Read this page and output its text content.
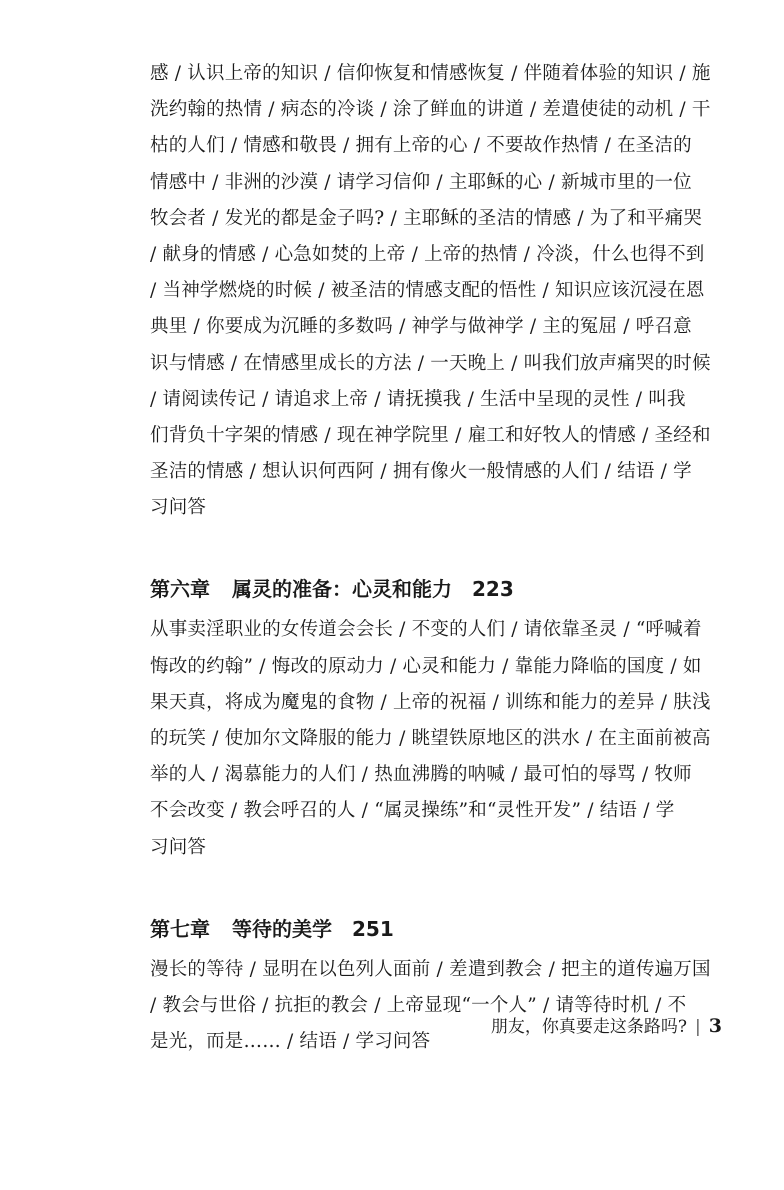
感 / 认识上帝的知识 / 信仰恢复和情感恢复 / 伴随着体验的知识 / 施
洗约翰的热情 / 病态的冷谈 / 涂了鲜血的讲道 / 差遣使徒的动机 / 干
枯的人们 / 情感和敬畏 / 拥有上帝的心 / 不要故作热情 / 在圣洁的
情感中 / 非洲的沙漠 / 请学习信仰 / 主耶稣的心 / 新城市里的一位
牧会者 / 发光的都是金子吗? / 主耶稣的圣洁的情感 / 为了和平痛哭
/ 献身的情感 / 心急如焚的上帝 / 上帝的热情 / 冷淡，什么也得不到
/ 当神学燃烧的时候 / 被圣洁的情感支配的悟性 / 知识应该沉浸在恩
典里 / 你要成为沉睡的多数吗 / 神学与做神学 / 主的冤屈 / 呼召意
识与情感 / 在情感里成长的方法 / 一天晚上 / 叫我们放声痛哭的时候
/ 请阅读传记 / 请追求上帝 / 请抚摸我 / 生活中呈现的灵性 / 叫我
们背负十字架的情感 / 现在神学院里 / 雇工和好牧人的情感 / 圣经和
圣洁的情感 / 想认识何西阿 / 拥有像火一般情感的人们 / 结语 / 学
习问答
第六章 属灵的准备：心灵和能力 223
从事卖淫职业的女传道会会长 / 不变的人们 / 请依靠圣灵 / “呼喊着
悔改的约翰” / 悔改的原动力 / 心灵和能力 / 靠能力降临的国度 / 如
果天真，将成为魔鬼的食物 / 上帝的祝福 / 训练和能力的差异 / 肤浅
的玩笑 / 使加尔文降服的能力 / 眺望铁原地区的洪水 / 在主面前被高
举的人 / 渴慕能力的人们 / 热血沸腾的呐喊 / 最可怕的辱骂 / 牧师
不会改变 / 教会呼召的人 / “属灵操练”和“灵性开发” / 结语 / 学
习问答
第七章 等待的美学 251
漫长的等待 / 显明在以色列人面前 / 差遣到教会 / 把主的道传遍万国
/ 教会与世俗 / 抗拒的教会 / 上帝显现“一个人” / 请等待时机 / 不
是光，而是…… / 结语 / 学习问答
朋友，你真要走这条路吗? | 3
